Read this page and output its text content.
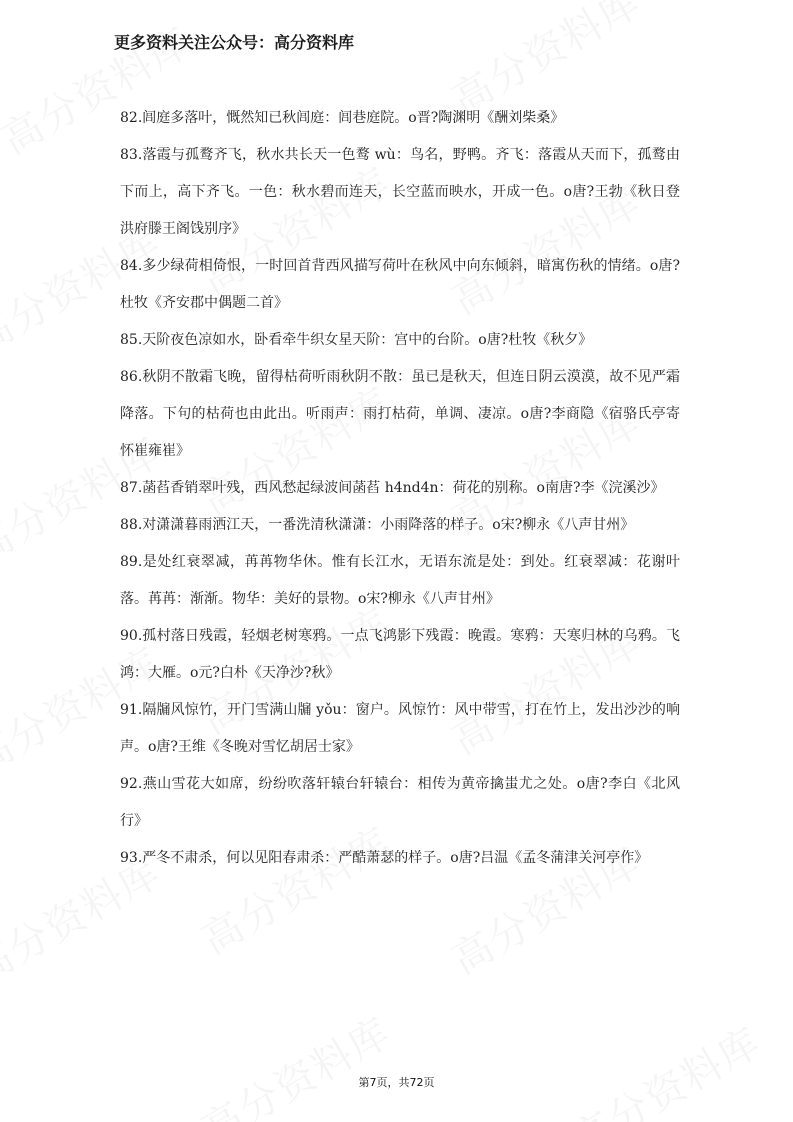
更多资料关注公众号：高分资料库

82.闾庭多落叶，慨然知已秋闾庭：闾巷庭院。o晋?陶渊明《酬刘柴桑》

83.落霞与孤鹜齐飞，秋水共长天一色鹜 wù：鸟名，野鸭。齐飞：落霞从天而下，孤鹜由下而上，高下齐飞。一色：秋水碧而连天，长空蓝而映水，开成一色。o唐?王勃《秋日登洪府滕王阁饯别序》

84.多少绿荷相倚恨，一时回首背西风描写荷叶在秋风中向东倾斜，暗寓伤秋的情绪。o唐?杜牧《齐安郡中偶题二首》

85.天阶夜色凉如水，卧看牵牛织女星天阶：宫中的台阶。o唐?杜牧《秋夕》

86.秋阴不散霜飞晚，留得枯荷听雨秋阴不散：虽已是秋天，但连日阴云漠漠，故不见严霜降落。下句的枯荷也由此出。听雨声：雨打枯荷，单调、凄凉。o唐?李商隐《宿骆氏亭寄怀崔雍崔》

87.菡萏香销翠叶残，西风愁起绿波间菡萏 h4nd4n：荷花的别称。o南唐?李《浣溪沙》

88.对潇潇暮雨洒江天，一番洗清秋潇潇：小雨降落的样子。o宋?柳永《八声甘州》

89.是处红衰翠减，苒苒物华休。惟有长江水，无语东流是处：到处。红衰翠减：花谢叶落。苒苒：渐渐。物华：美好的景物。o宋?柳永《八声甘州》

90.孤村落日残霞，轻烟老树寒鸦。一点飞鸿影下残霞：晚霞。寒鸦：天寒归林的乌鸦。飞鸿：大雁。o元?白朴《天净沙?秋》

91.隔牖风惊竹，开门雪满山牖 yǒu：窗户。风惊竹：风中带雪，打在竹上，发出沙沙的响声。o唐?王维《冬晚对雪忆胡居士家》

92.燕山雪花大如席，纷纷吹落轩辕台轩辕台：相传为黄帝擒蚩尤之处。o唐?李白《北风行》

93.严冬不肃杀，何以见阳春肃杀：严酷萧瑟的样子。o唐?吕温《孟冬蒲津关河亭作》

第7页，共72页
